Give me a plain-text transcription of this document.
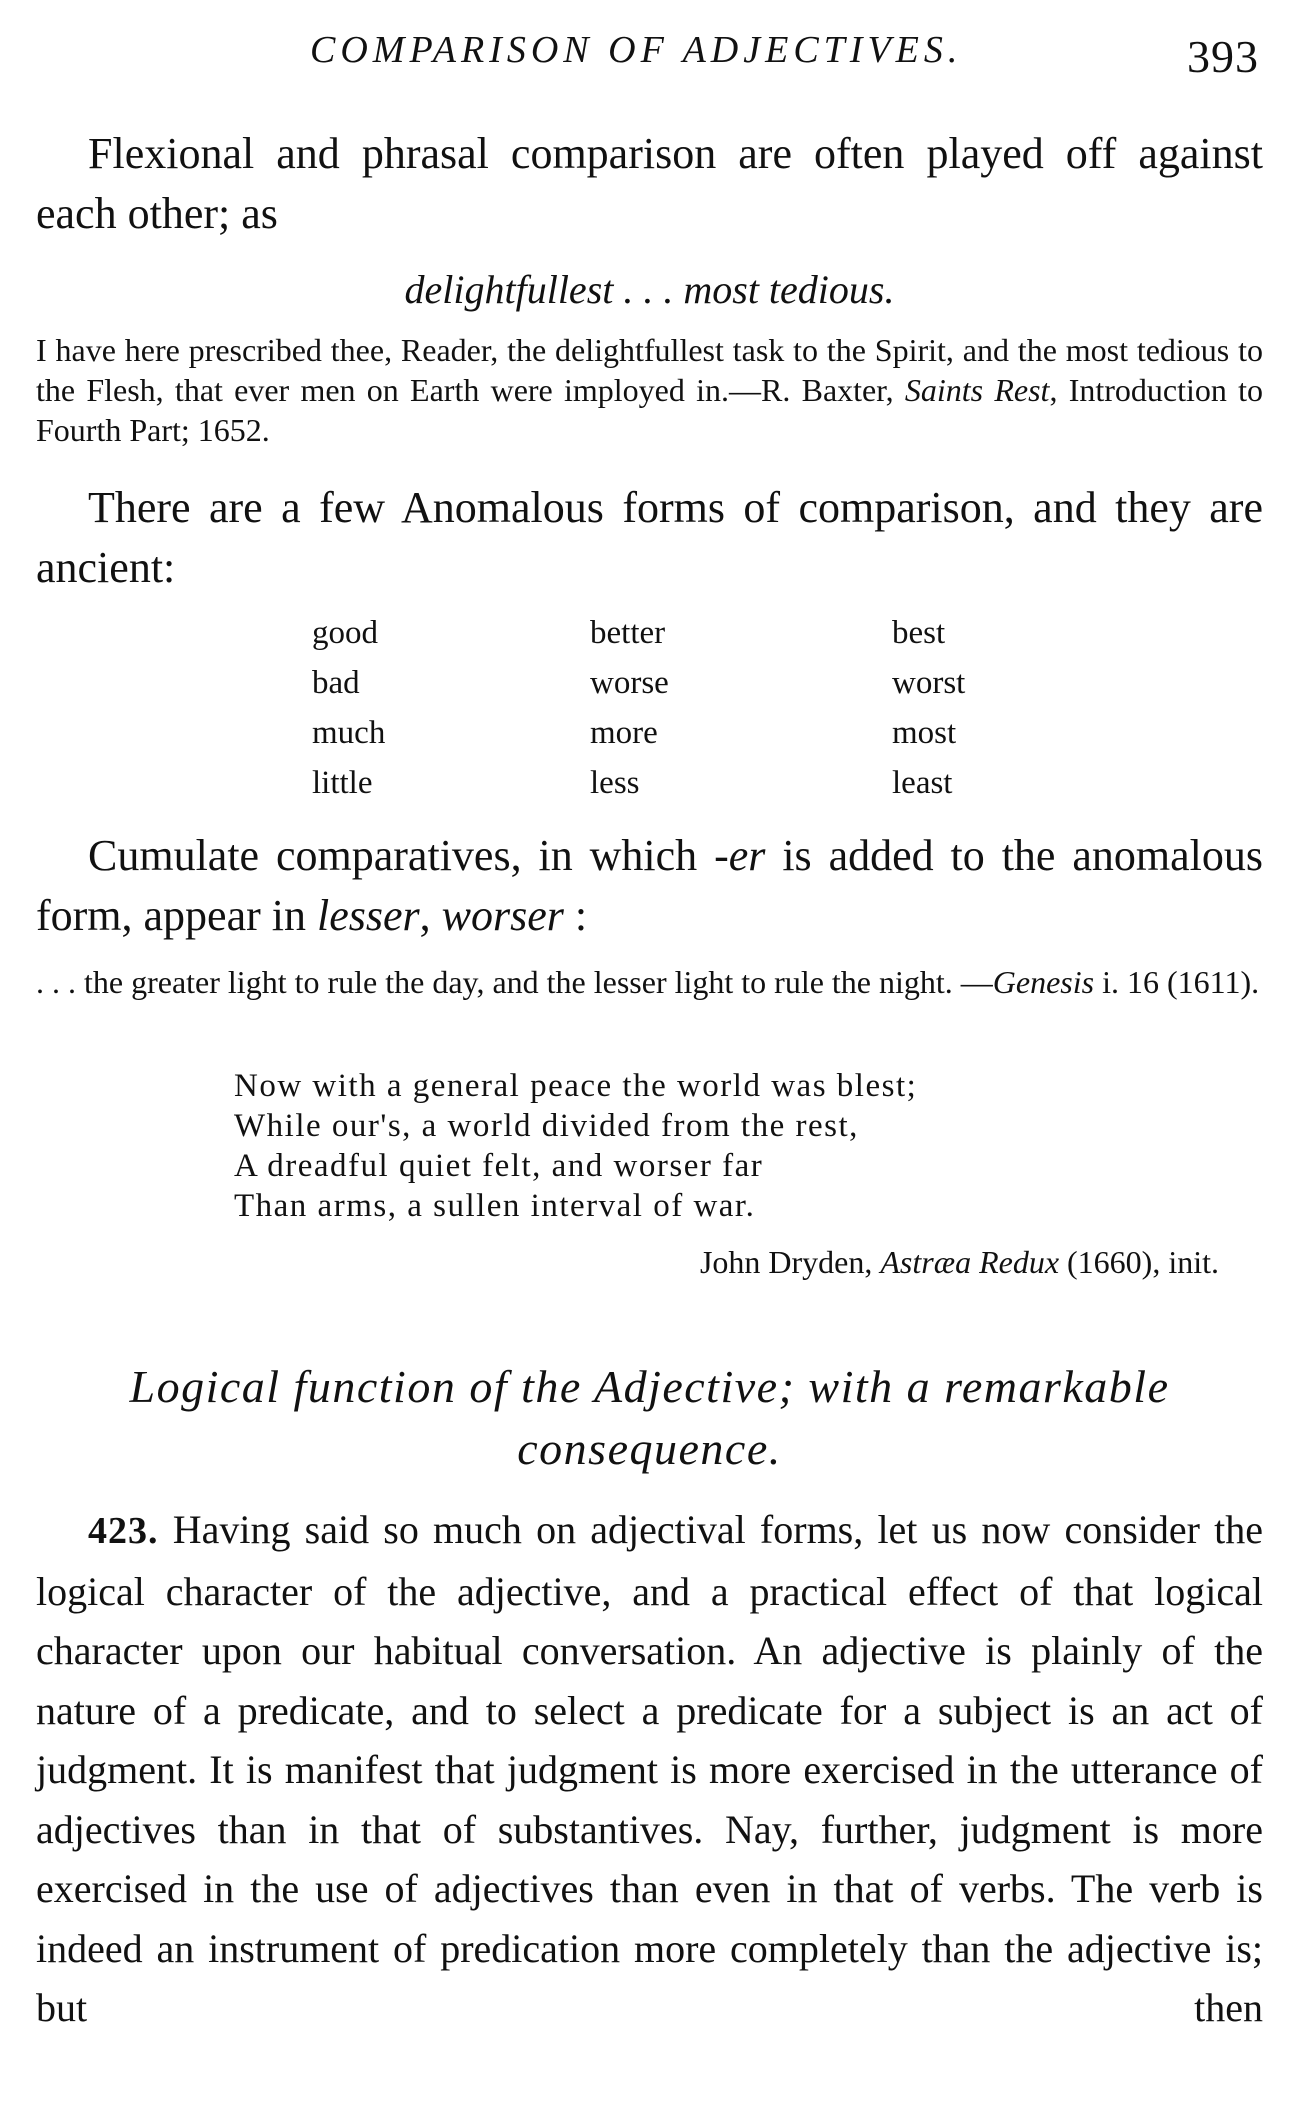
COMPARISON OF ADJECTIVES.	393
Flexional and phrasal comparison are often played off against each other; as
delightfullest . . . most tedious.
I have here prescribed thee, Reader, the delightfullest task to the Spirit, and the most tedious to the Flesh, that ever men on Earth were imployed in.—R. Baxter, Saints Rest, Introduction to Fourth Part; 1652.
There are a few Anomalous forms of comparison, and they are ancient:
good	better	best
bad	worse	worst
much	more	most
little	less	least
Cumulate comparatives, in which -er is added to the anomalous form, appear in lesser, worser :
. . . the greater light to rule the day, and the lesser light to rule the night. —Genesis i. 16 (1611).
Now with a general peace the world was blest;
While our's, a world divided from the rest,
A dreadful quiet felt, and worser far
Than arms, a sullen interval of war.
John Dryden, Astræa Redux (1660), init.
Logical function of the Adjective; with a remarkable
consequence.
423. Having said so much on adjectival forms, let us now consider the logical character of the adjective, and a practical effect of that logical character upon our habitual conversation. An adjective is plainly of the nature of a predicate, and to select a predicate for a subject is an act of judgment. It is manifest that judgment is more exercised in the utterance of adjectives than in that of substantives. Nay, further, judgment is more exercised in the use of adjectives than even in that of verbs. The verb is indeed an instrument of predication more completely than the adjective is; but then
